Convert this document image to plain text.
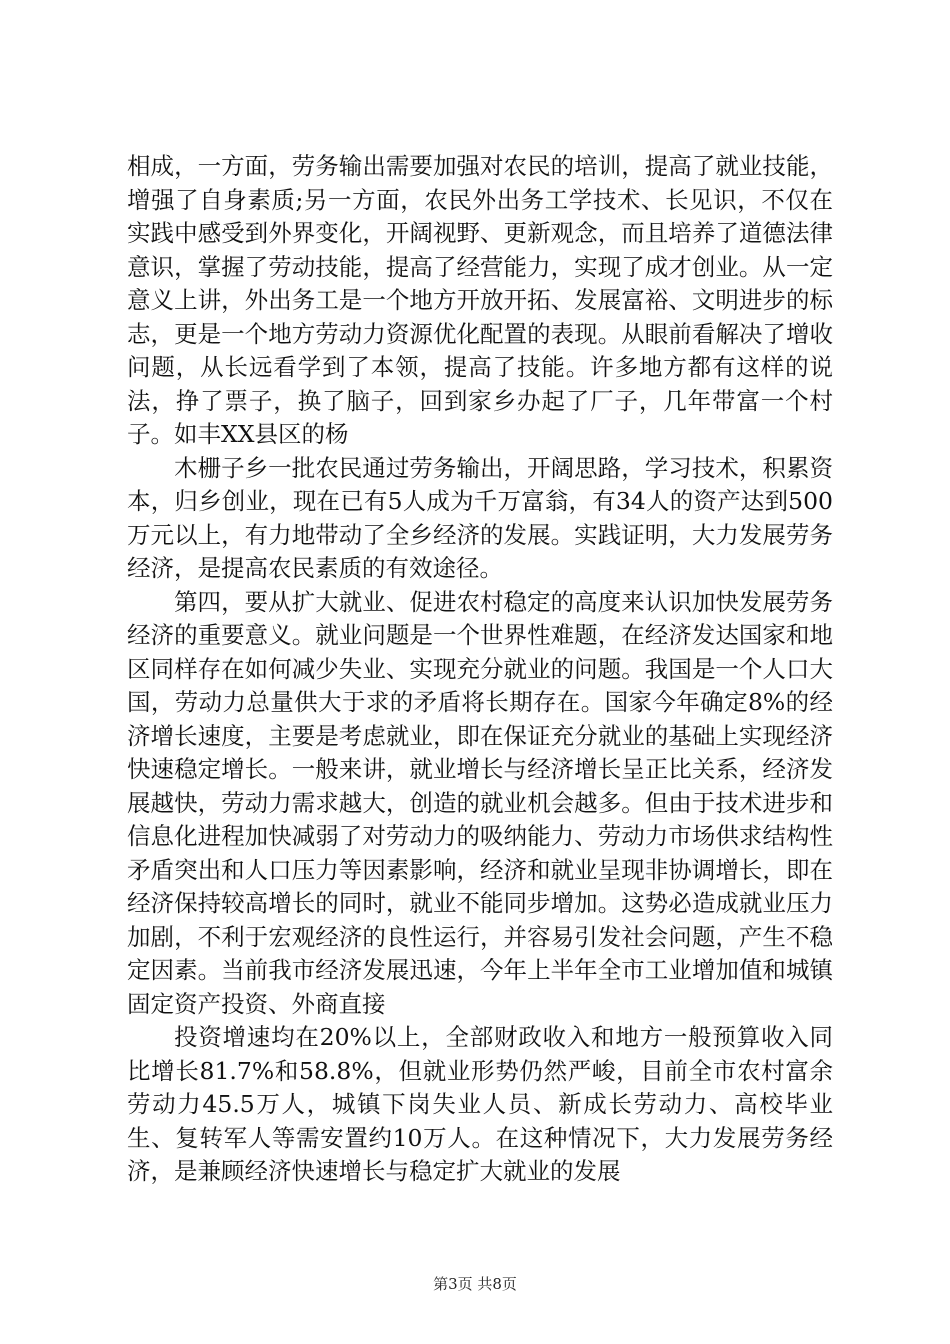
相成，一方面，劳务输出需要加强对农民的培训，提高了就业技能，增强了自身素质;另一方面，农民外出务工学技术、长见识，不仅在实践中感受到外界变化，开阔视野、更新观念，而且培养了道德法律意识，掌握了劳动技能，提高了经营能力，实现了成才创业。从一定意义上讲，外出务工是一个地方开放开拓、发展富裕、文明进步的标志，更是一个地方劳动力资源优化配置的表现。从眼前看解决了增收问题，从长远看学到了本领，提高了技能。许多地方都有这样的说法，挣了票子，换了脑子，回到家乡办起了厂子，几年带富一个村子。如丰XX县区的杨

木栅子乡一批农民通过劳务输出，开阔思路，学习技术，积累资本，归乡创业，现在已有5人成为千万富翁，有34人的资产达到500万元以上，有力地带动了全乡经济的发展。实践证明，大力发展劳务经济，是提高农民素质的有效途径。

第四，要从扩大就业、促进农村稳定的高度来认识加快发展劳务经济的重要意义。就业问题是一个世界性难题，在经济发达国家和地区同样存在如何减少失业、实现充分就业的问题。我国是一个人口大国，劳动力总量供大于求的矛盾将长期存在。国家今年确定8%的经济增长速度，主要是考虑就业，即在保证充分就业的基础上实现经济快速稳定增长。一般来讲，就业增长与经济增长呈正比关系，经济发展越快，劳动力需求越大，创造的就业机会越多。但由于技术进步和信息化进程加快减弱了对劳动力的吸纳能力、劳动力市场供求结构性矛盾突出和人口压力等因素影响，经济和就业呈现非协调增长，即在经济保持较高增长的同时，就业不能同步增加。这势必造成就业压力加剧，不利于宏观经济的良性运行，并容易引发社会问题，产生不稳定因素。当前我市经济发展迅速，今年上半年全市工业增加值和城镇固定资产投资、外商直接

投资增速均在20%以上，全部财政收入和地方一般预算收入同比增长81.7%和58.8%，但就业形势仍然严峻，目前全市农村富余劳动力45.5万人，城镇下岗失业人员、新成长劳动力、高校毕业生、复转军人等需安置约10万人。在这种情况下，大力发展劳务经济，是兼顾经济快速增长与稳定扩大就业的发展

第3页 共8页
